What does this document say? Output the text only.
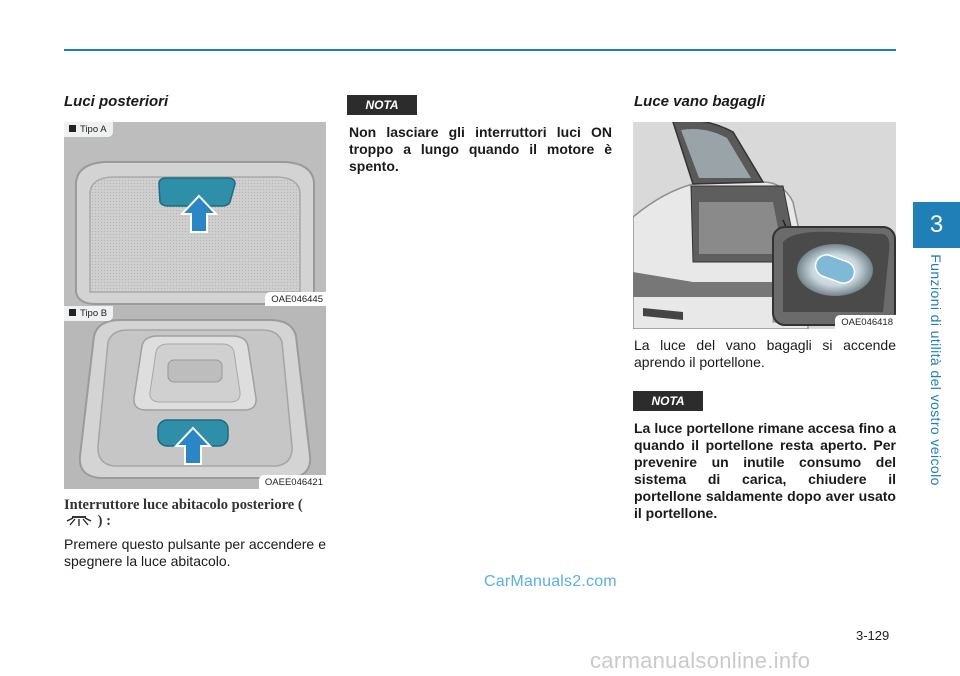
3
Funzioni di utilità del vostro veicolo
Luci posteriori
Tipo A
OAE046445
Tipo B
OAEE046421
Interruttore luce abitacolo posteriore (  ) :
Premere questo pulsante per accendere e spegnere la luce abitacolo.
NOTA
Non lasciare gli interruttori luci ON troppo a lungo quando il motore è spento.
Luce vano bagagli
OAE046418
La luce del vano bagagli si accende aprendo il portellone.
NOTA
La luce portellone rimane accesa fino a quando il portellone resta aperto. Per prevenire un inutile consumo del sistema di carica, chiudere il portellone saldamente dopo aver usato il portellone.
CarManuals2.com
3-129
carmanualsonline.info
